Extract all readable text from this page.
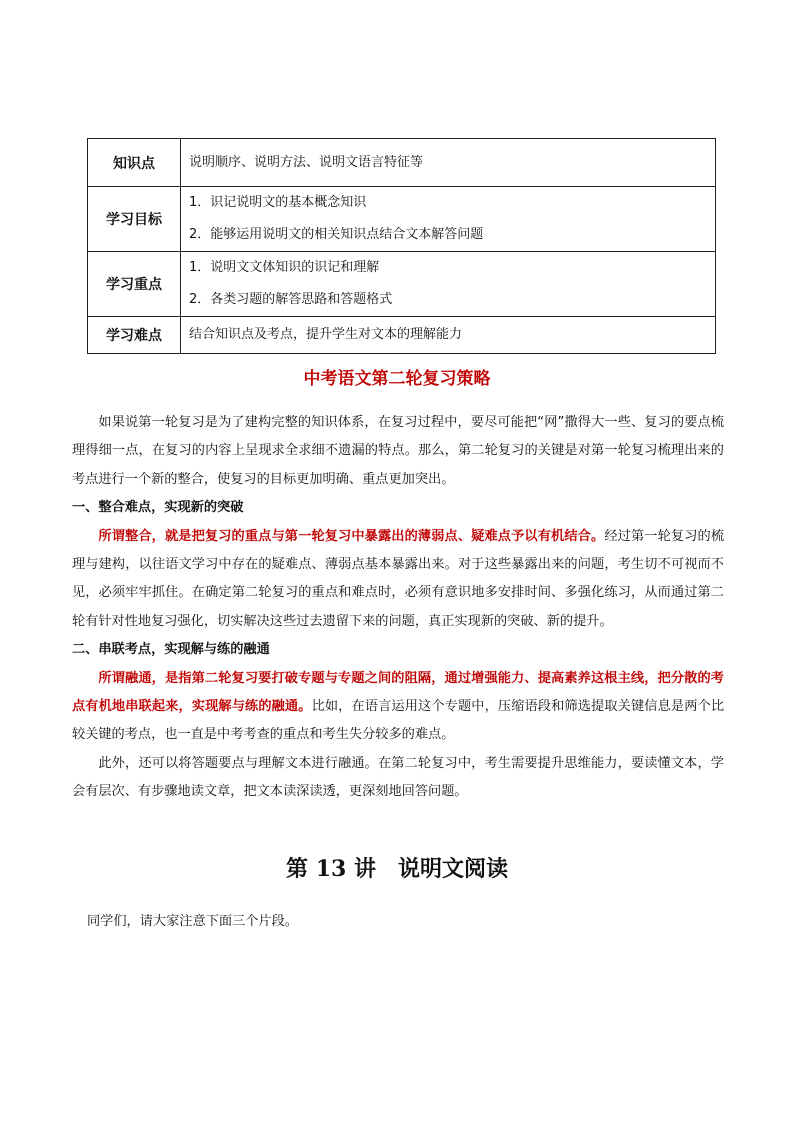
知识点	说明顺序、说明方法、说明文语言特征等

学习目标	1．识记说明文的基本概念知识
2．能够运用说明文的相关知识点结合文本解答问题

学习重点	1．说明文文体知识的识记和理解
2．各类习题的解答思路和答题格式

学习难点	结合知识点及考点，提升学生对文本的理解能力
中考语文第二轮复习策略

如果说第一轮复习是为了建构完整的知识体系，在复习过程中，要尽可能把“网”撒得大一些、复习的要点梳理得细一点，在复习的内容上呈现求全求细不遗漏的特点。那么，第二轮复习的关键是对第一轮复习梳理出来的考点进行一个新的整合，使复习的目标更加明确、重点更加突出。

一、整合难点，实现新的突破

所谓整合，就是把复习的重点与第一轮复习中暴露出的薄弱点、疑难点予以有机结合。经过第一轮复习的梳理与建构，以往语文学习中存在的疑难点、薄弱点基本暴露出来。对于这些暴露出来的问题，考生切不可视而不见，必须牢牢抓住。在确定第二轮复习的重点和难点时，必须有意识地多安排时间、多强化练习，从而通过第二轮有针对性地复习强化，切实解决这些过去遗留下来的问题，真正实现新的突破、新的提升。

二、串联考点，实现解与练的融通

所谓融通，是指第二轮复习要打破专题与专题之间的阻隔，通过增强能力、提高素养这根主线，把分散的考点有机地串联起来，实现解与练的融通。比如，在语言运用这个专题中，压缩语段和筛选提取关键信息是两个比较关键的考点，也一直是中考考查的重点和考生失分较多的难点。

此外，还可以将答题要点与理解文本进行融通。在第二轮复习中，考生需要提升思维能力，要读懂文本，学会有层次、有步骤地读文章，把文本读深读透，更深刻地回答问题。

第 13 讲　说明文阅读
同学们，请大家注意下面三个片段。
